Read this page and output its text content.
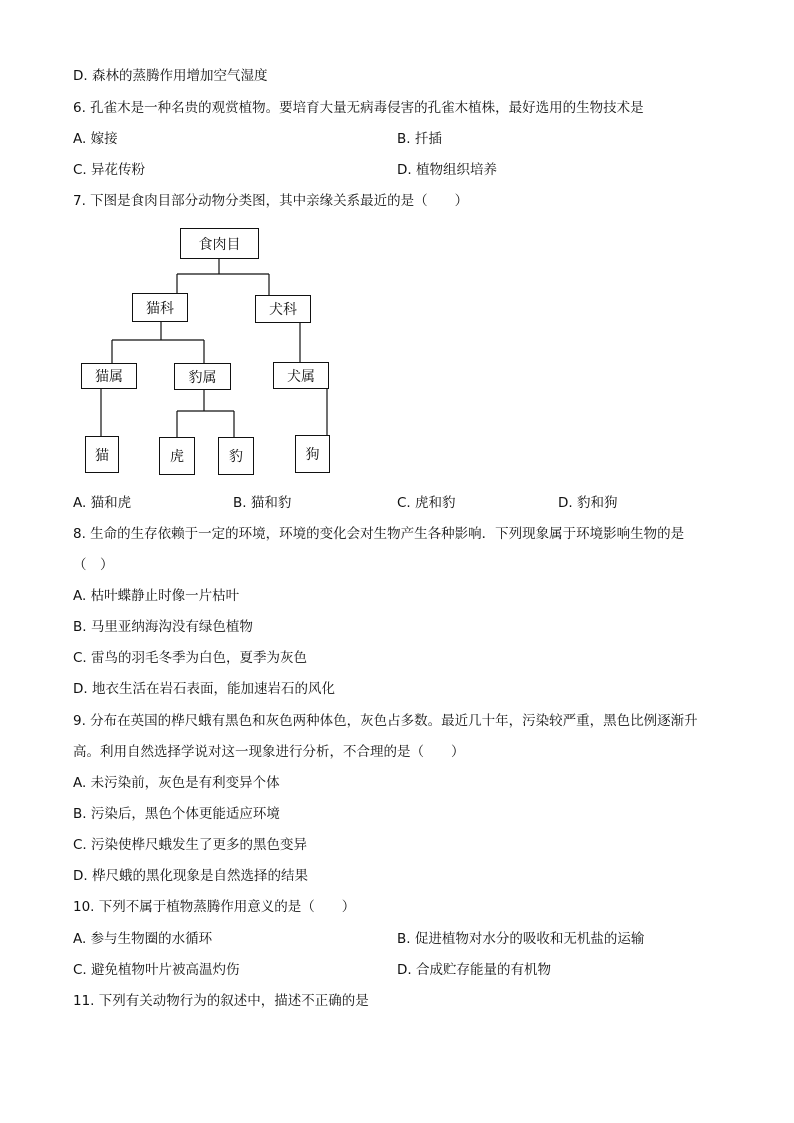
D. 森林的蒸腾作用增加空气湿度
6. 孔雀木是一种名贵的观赏植物。要培育大量无病毒侵害的孔雀木植株，最好选用的生物技术是
A. 嫁接	B. 扦插
C. 异花传粉	D. 植物组织培养
7. 下图是食肉目部分动物分类图，其中亲缘关系最近的是（　　）
食肉目
猫科	犬科
猫属	豹属	犬属
猫	虎	豹	狗
A. 猫和虎	B. 猫和豹	C. 虎和豹	D. 豹和狗
8. 生命的生存依赖于一定的环境，环境的变化会对生物产生各种影响．下列现象属于环境影响生物的是
（　）
A. 枯叶蝶静止时像一片枯叶
B. 马里亚纳海沟没有绿色植物
C. 雷鸟的羽毛冬季为白色，夏季为灰色
D. 地衣生活在岩石表面，能加速岩石的风化
9. 分布在英国的桦尺蛾有黑色和灰色两种体色，灰色占多数。最近几十年，污染较严重，黑色比例逐渐升
高。利用自然选择学说对这一现象进行分析，不合理的是（　　）
A. 未污染前，灰色是有利变异个体
B. 污染后，黑色个体更能适应环境
C. 污染使桦尺蛾发生了更多的黑色变异
D. 桦尺蛾的黑化现象是自然选择的结果
10. 下列不属于植物蒸腾作用意义的是（　　）
A. 参与生物圈的水循环	B. 促进植物对水分的吸收和无机盐的运输
C. 避免植物叶片被高温灼伤	D. 合成贮存能量的有机物
11. 下列有关动物行为的叙述中，描述不正确的是
